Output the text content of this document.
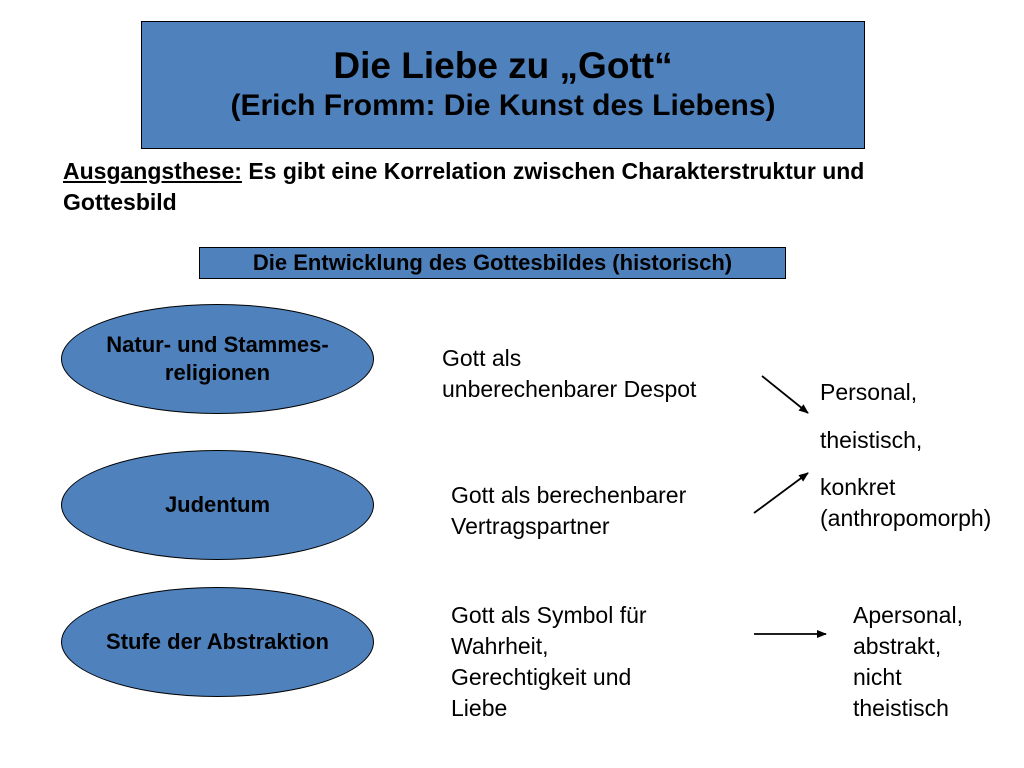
Die Liebe zu „Gott“
(Erich Fromm: Die Kunst des Liebens)
Ausgangsthese: Es gibt eine Korrelation zwischen Charakterstruktur und Gottesbild
Die Entwicklung des Gottesbildes (historisch)
Natur- und Stammes-
religionen
Judentum
Stufe der Abstraktion
Gott als
unberechenbarer Despot
Gott als berechenbarer
Vertragspartner
Gott als Symbol für
Wahrheit,
Gerechtigkeit und
Liebe
Personal,
theistisch,
konkret
(anthropomorph)
Apersonal,
abstrakt,
nicht
theistisch
